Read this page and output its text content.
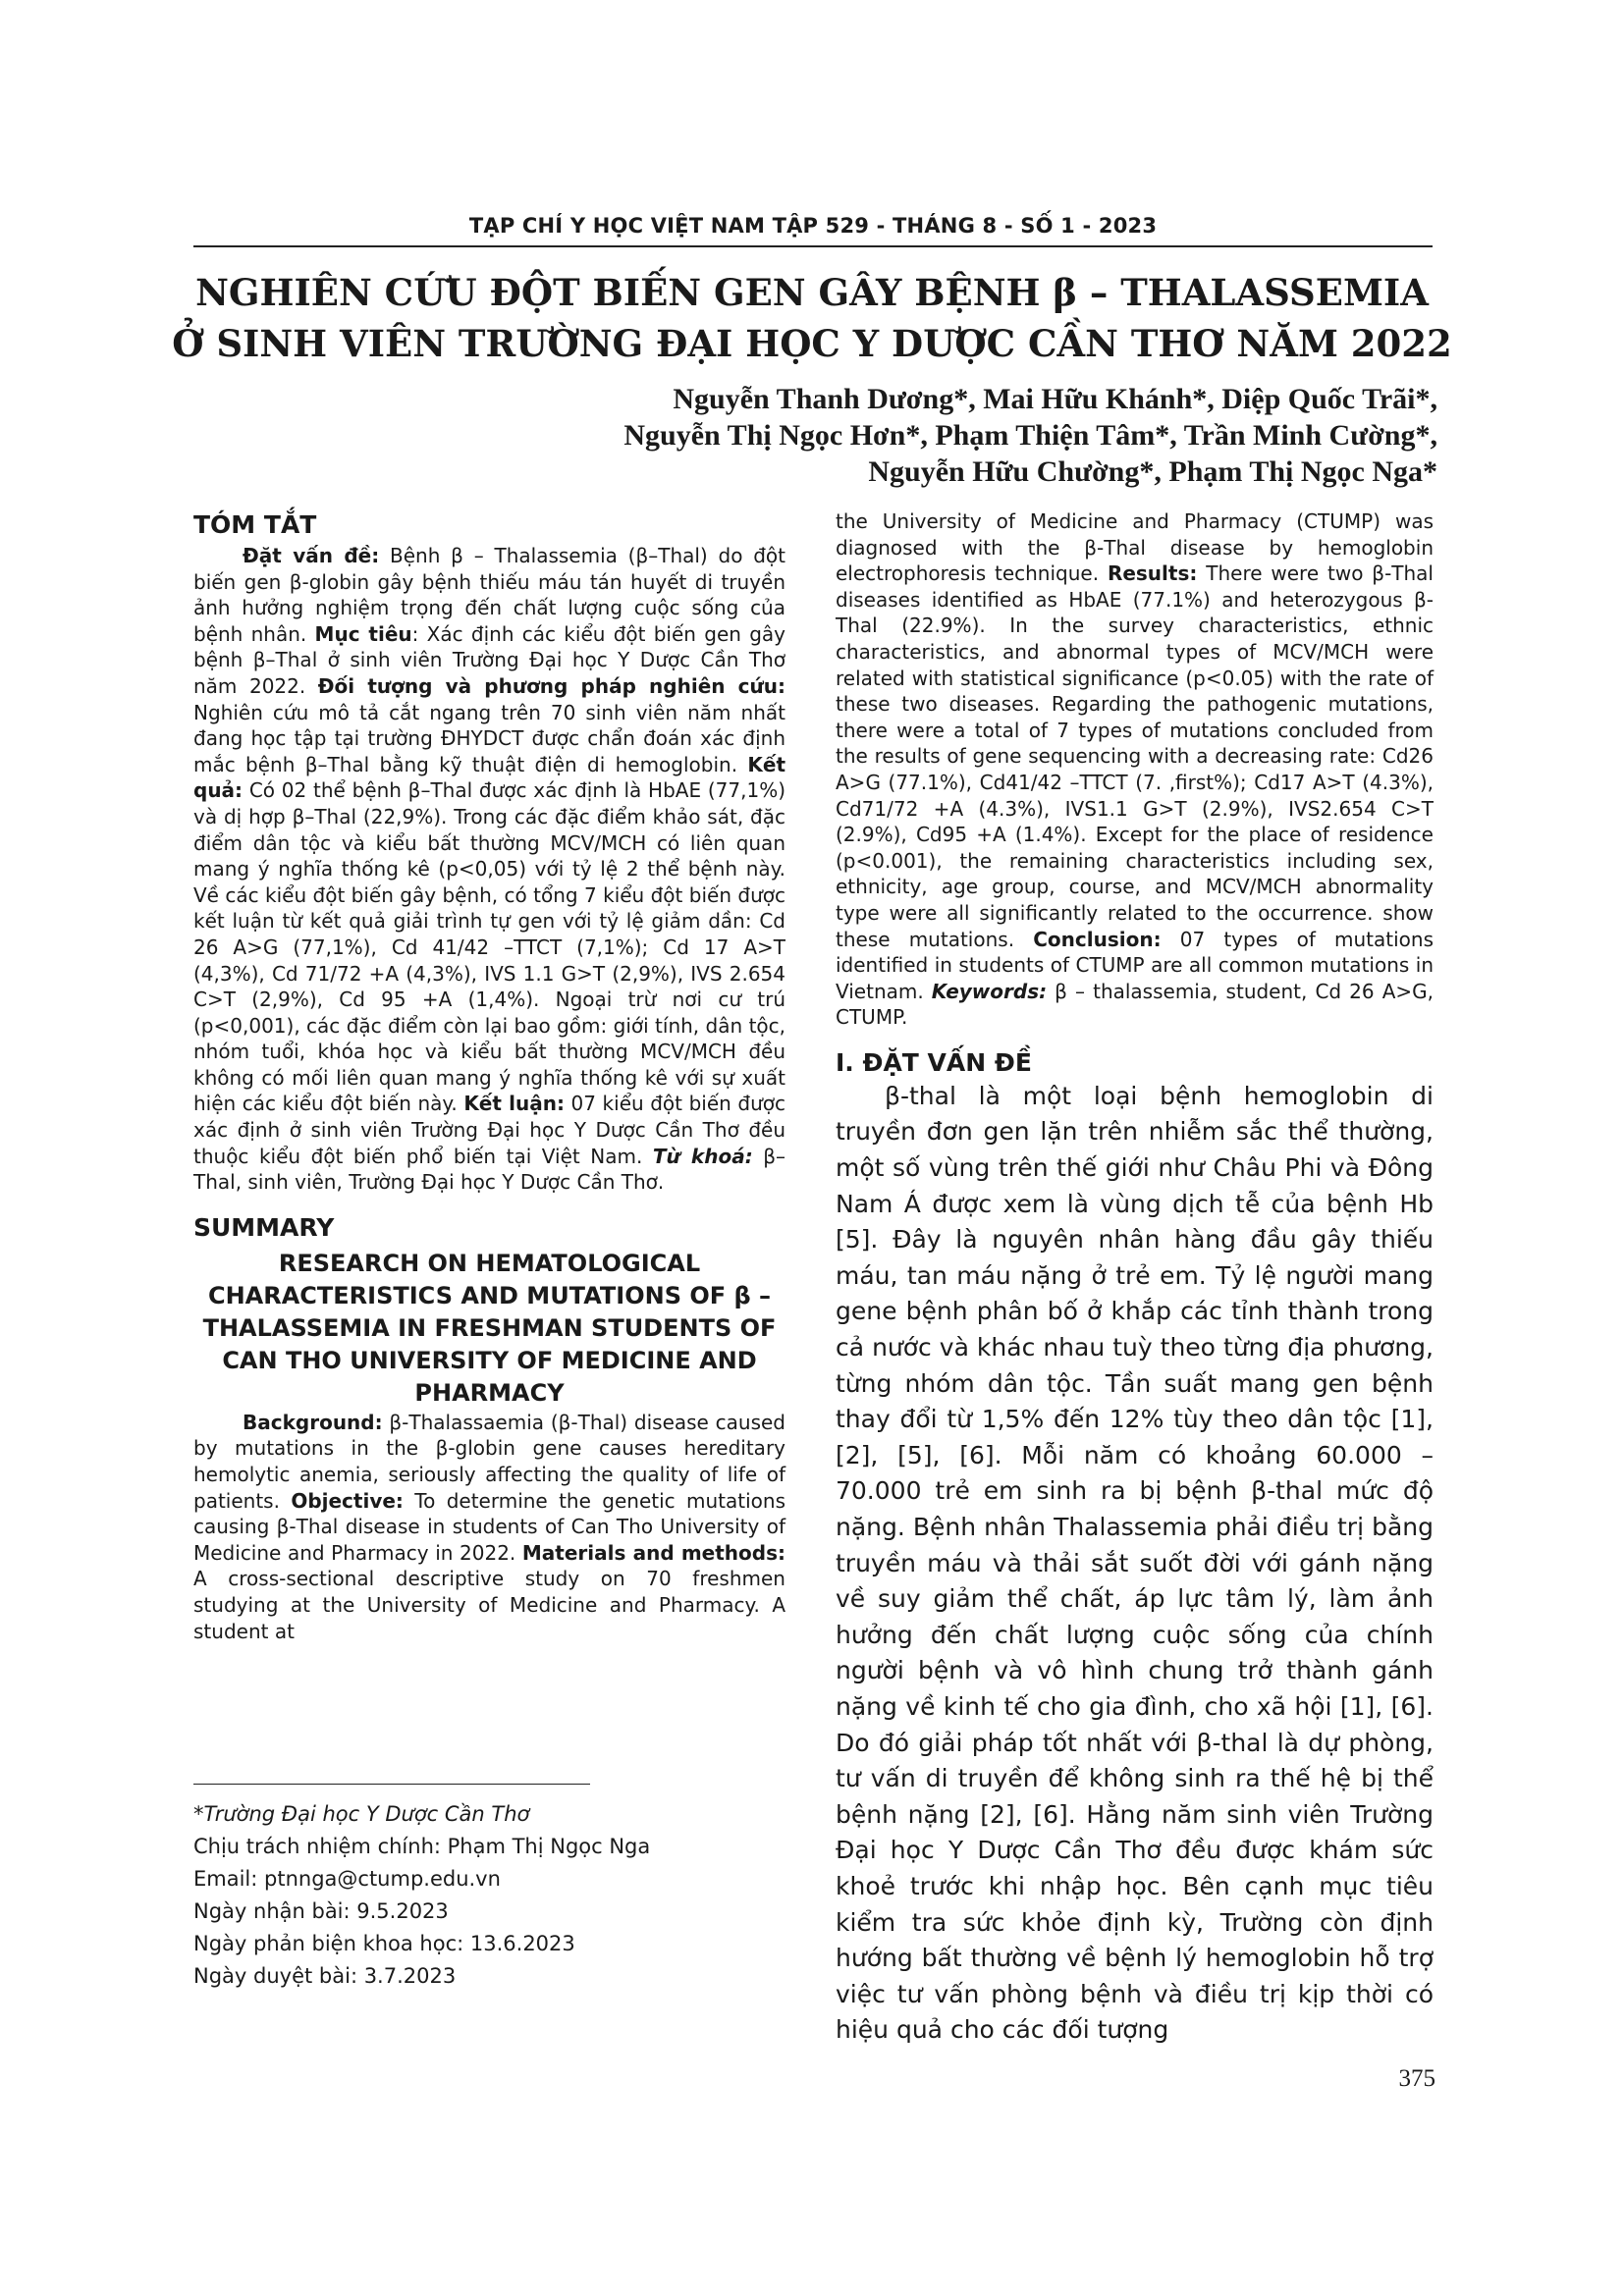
TẠP CHÍ Y HỌC VIỆT NAM TẬP 529 - THÁNG 8 - SỐ 1 - 2023
NGHIÊN CỨU ĐỘT BIẾN GEN GÂY BỆNH β – THALASSEMIA
Ở SINH VIÊN TRƯỜNG ĐẠI HỌC Y DƯỢC CẦN THƠ NĂM 2022
Nguyễn Thanh Dương*, Mai Hữu Khánh*, Diệp Quốc Trãi*,
Nguyễn Thị Ngọc Hơn*, Phạm Thiện Tâm*, Trần Minh Cường*,
Nguyễn Hữu Chường*, Phạm Thị Ngọc Nga*
TÓM TẮT

Đặt vấn đề: Bệnh β – Thalassemia (β–Thal) do đột biến gen β-globin gây bệnh thiếu máu tán huyết di truyền ảnh hưởng nghiệm trọng đến chất lượng cuộc sống của bệnh nhân. Mục tiêu: Xác định các kiểu đột biến gen gây bệnh β–Thal ở sinh viên Trường Đại học Y Dược Cần Thơ năm 2022. Đối tượng và phương pháp nghiên cứu: Nghiên cứu mô tả cắt ngang trên 70 sinh viên năm nhất đang học tập tại trường ĐHYDCT được chẩn đoán xác định mắc bệnh β–Thal bằng kỹ thuật điện di hemoglobin. Kết quả: Có 02 thể bệnh β–Thal được xác định là HbAE (77,1%) và dị hợp β–Thal (22,9%). Trong các đặc điểm khảo sát, đặc điểm dân tộc và kiểu bất thường MCV/MCH có liên quan mang ý nghĩa thống kê (p<0,05) với tỷ lệ 2 thể bệnh này. Về các kiểu đột biến gây bệnh, có tổng 7 kiểu đột biến được kết luận từ kết quả giải trình tự gen với tỷ lệ giảm dần: Cd 26 A>G (77,1%), Cd 41/42 –TTCT (7,1%); Cd 17 A>T (4,3%), Cd 71/72 +A (4,3%), IVS 1.1 G>T (2,9%), IVS 2.654 C>T (2,9%), Cd 95 +A (1,4%). Ngoại trừ nơi cư trú (p<0,001), các đặc điểm còn lại bao gồm: giới tính, dân tộc, nhóm tuổi, khóa học và kiểu bất thường MCV/MCH đều không có mối liên quan mang ý nghĩa thống kê với sự xuất hiện các kiểu đột biến này. Kết luận: 07 kiểu đột biến được xác định ở sinh viên Trường Đại học Y Dược Cần Thơ đều thuộc kiểu đột biến phổ biến tại Việt Nam. Từ khoá: β–Thal, sinh viên, Trường Đại học Y Dược Cần Thơ.

SUMMARY
RESEARCH ON HEMATOLOGICAL CHARACTERISTICS AND MUTATIONS OF β – THALASSEMIA IN FRESHMAN STUDENTS OF CAN THO UNIVERSITY OF MEDICINE AND PHARMACY

Background: β-Thalassaemia (β-Thal) disease caused by mutations in the β-globin gene causes hereditary hemolytic anemia, seriously affecting the quality of life of patients. Objective: To determine the genetic mutations causing β-Thal disease in students of Can Tho University of Medicine and Pharmacy in 2022. Materials and methods: A cross-sectional descriptive study on 70 freshmen studying at the University of Medicine and Pharmacy. A student at

the University of Medicine and Pharmacy (CTUMP) was diagnosed with the β-Thal disease by hemoglobin electrophoresis technique. Results: There were two β-Thal diseases identified as HbAE (77.1%) and heterozygous β-Thal (22.9%). In the survey characteristics, ethnic characteristics, and abnormal types of MCV/MCH were related with statistical significance (p<0.05) with the rate of these two diseases. Regarding the pathogenic mutations, there were a total of 7 types of mutations concluded from the results of gene sequencing with a decreasing rate: Cd26 A>G (77.1%), Cd41/42 –TTCT (7. ,first%); Cd17 A>T (4.3%), Cd71/72 +A (4.3%), IVS1.1 G>T (2.9%), IVS2.654 C>T (2.9%), Cd95 +A (1.4%). Except for the place of residence (p<0.001), the remaining characteristics including sex, ethnicity, age group, course, and MCV/MCH abnormality type were all significantly related to the occurrence. show these mutations. Conclusion: 07 types of mutations identified in students of CTUMP are all common mutations in Vietnam. Keywords: β – thalassemia, student, Cd 26 A>G, CTUMP.

I. ĐẶT VẤN ĐỀ

β-thal là một loại bệnh hemoglobin di truyền đơn gen lặn trên nhiễm sắc thể thường, một số vùng trên thế giới như Châu Phi và Đông Nam Á được xem là vùng dịch tễ của bệnh Hb [5]. Đây là nguyên nhân hàng đầu gây thiếu máu, tan máu nặng ở trẻ em. Tỷ lệ người mang gene bệnh phân bố ở khắp các tỉnh thành trong cả nước và khác nhau tuỳ theo từng địa phương, từng nhóm dân tộc. Tần suất mang gen bệnh thay đổi từ 1,5% đến 12% tùy theo dân tộc [1], [2], [5], [6]. Mỗi năm có khoảng 60.000 – 70.000 trẻ em sinh ra bị bệnh β-thal mức độ nặng. Bệnh nhân Thalassemia phải điều trị bằng truyền máu và thải sắt suốt đời với gánh nặng về suy giảm thể chất, áp lực tâm lý, làm ảnh hưởng đến chất lượng cuộc sống của chính người bệnh và vô hình chung trở thành gánh nặng về kinh tế cho gia đình, cho xã hội [1], [6]. Do đó giải pháp tốt nhất với β-thal là dự phòng, tư vấn di truyền để không sinh ra thế hệ bị thể bệnh nặng [2], [6]. Hằng năm sinh viên Trường Đại học Y Dược Cần Thơ đều được khám sức khoẻ trước khi nhập học. Bên cạnh mục tiêu kiểm tra sức khỏe định kỳ, Trường còn định hướng bất thường về bệnh lý hemoglobin hỗ trợ việc tư vấn phòng bệnh và điều trị kịp thời có hiệu quả cho các đối tượng

*Trường Đại học Y Dược Cần Thơ
Chịu trách nhiệm chính: Phạm Thị Ngọc Nga
Email: ptnnga@ctump.edu.vn
Ngày nhận bài: 9.5.2023
Ngày phản biện khoa học: 13.6.2023
Ngày duyệt bài: 3.7.2023
375
